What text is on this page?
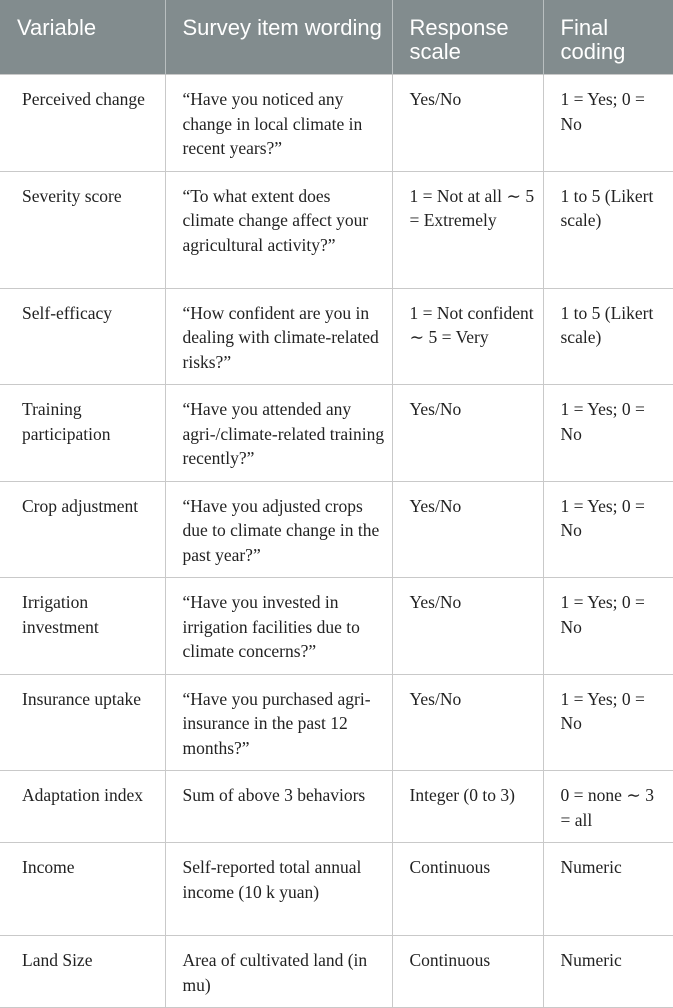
Variable	Survey item wording	Response scale	Final coding
Perceived change	“Have you noticed any change in local climate in recent years?”	Yes/No	1 = Yes; 0 = No
Severity score	“To what extent does climate change affect your agricultural activity?”	1 = Not at all ∼ 5 = Extremely	1 to 5 (Likert scale)
Self-efficacy	“How confident are you in dealing with climate-related risks?”	1 = Not confident ∼ 5 = Very	1 to 5 (Likert scale)
Training participation	“Have you attended any agri-/climate-related training recently?”	Yes/No	1 = Yes; 0 = No
Crop adjustment	“Have you adjusted crops due to climate change in the past year?”	Yes/No	1 = Yes; 0 = No
Irrigation investment	“Have you invested in irrigation facilities due to climate concerns?”	Yes/No	1 = Yes; 0 = No
Insurance uptake	“Have you purchased agri-insurance in the past 12 months?”	Yes/No	1 = Yes; 0 = No
Adaptation index	Sum of above 3 behaviors	Integer (0 to 3)	0 = none ∼ 3 = all
Income	Self-reported total annual income (10 k yuan)	Continuous	Numeric
Land Size	Area of cultivated land (in mu)	Continuous	Numeric
